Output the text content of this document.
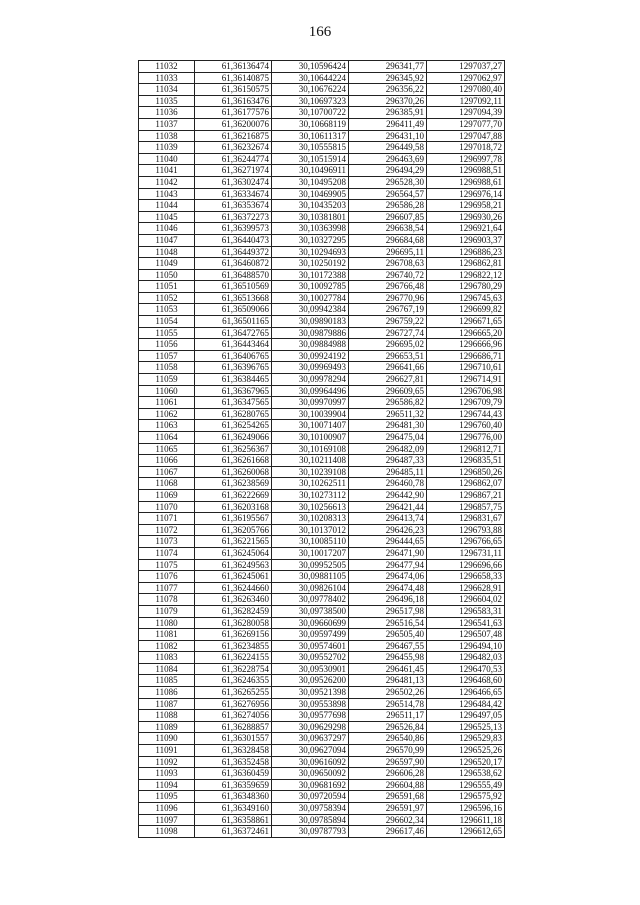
166
11032	61,36136474	30,10596424	296341,77	1297037,27
11033	61,36140875	30,10644224	296345,92	1297062,97
11034	61,36150575	30,10676224	296356,22	1297080,40
11035	61,36163476	30,10697323	296370,26	1297092,11
11036	61,36177576	30,10700722	296385,91	1297094,39
11037	61,36200076	30,10668119	296411,49	1297077,70
11038	61,36216875	30,10611317	296431,10	1297047,88
11039	61,36232674	30,10555815	296449,58	1297018,72
11040	61,36244774	30,10515914	296463,69	1296997,78
11041	61,36271974	30,10496911	296494,29	1296988,51
11042	61,36302474	30,10495208	296528,30	1296988,61
11043	61,36334674	30,10469905	296564,57	1296976,14
11044	61,36353674	30,10435203	296586,28	1296958,21
11045	61,36372273	30,10381801	296607,85	1296930,26
11046	61,36399573	30,10363998	296638,54	1296921,64
11047	61,36440473	30,10327295	296684,68	1296903,37
11048	61,36449372	30,10294693	296695,11	1296886,23
11049	61,36460872	30,10250192	296708,63	1296862,81
11050	61,36488570	30,10172388	296740,72	1296822,12
11051	61,36510569	30,10092785	296766,48	1296780,29
11052	61,36513668	30,10027784	296770,96	1296745,63
11053	61,36509066	30,09942384	296767,19	1296699,82
11054	61,36501165	30,09890183	296759,22	1296671,65
11055	61,36472765	30,09879886	296727,74	1296665,20
11056	61,36443464	30,09884988	296695,02	1296666,96
11057	61,36406765	30,09924192	296653,51	1296686,71
11058	61,36396765	30,09969493	296641,66	1296710,61
11059	61,36384465	30,09978294	296627,81	1296714,91
11060	61,36367965	30,09964496	296609,65	1296706,98
11061	61,36347565	30,09970997	296586,82	1296709,79
11062	61,36280765	30,10039904	296511,32	1296744,43
11063	61,36254265	30,10071407	296481,30	1296760,40
11064	61,36249066	30,10100907	296475,04	1296776,00
11065	61,36256367	30,10169108	296482,09	1296812,71
11066	61,36261668	30,10211408	296487,33	1296835,51
11067	61,36260068	30,10239108	296485,11	1296850,26
11068	61,36238569	30,10262511	296460,78	1296862,07
11069	61,36222669	30,10273112	296442,90	1296867,21
11070	61,36203168	30,10256613	296421,44	1296857,75
11071	61,36195567	30,10208313	296413,74	1296831,67
11072	61,36205766	30,10137012	296426,23	1296793,88
11073	61,36221565	30,10085110	296444,65	1296766,65
11074	61,36245064	30,10017207	296471,90	1296731,11
11075	61,36249563	30,09952505	296477,94	1296696,66
11076	61,36245061	30,09881105	296474,06	1296658,33
11077	61,36244660	30,09826104	296474,48	1296628,91
11078	61,36263460	30,09778402	296496,18	1296604,02
11079	61,36282459	30,09738500	296517,98	1296583,31
11080	61,36280058	30,09660699	296516,54	1296541,63
11081	61,36269156	30,09597499	296505,40	1296507,48
11082	61,36234855	30,09574601	296467,55	1296494,10
11083	61,36224155	30,09552702	296455,98	1296482,03
11084	61,36228754	30,09530901	296461,45	1296470,53
11085	61,36246355	30,09526200	296481,13	1296468,60
11086	61,36265255	30,09521398	296502,26	1296466,65
11087	61,36276956	30,09553898	296514,78	1296484,42
11088	61,36274056	30,09577698	296511,17	1296497,05
11089	61,36288857	30,09629298	296526,84	1296525,13
11090	61,36301557	30,09637297	296540,86	1296529,83
11091	61,36328458	30,09627094	296570,99	1296525,26
11092	61,36352458	30,09616092	296597,90	1296520,17
11093	61,36360459	30,09650092	296606,28	1296538,62
11094	61,36359659	30,09681692	296604,88	1296555,49
11095	61,36348360	30,09720594	296591,68	1296575,92
11096	61,36349160	30,09758394	296591,97	1296596,16
11097	61,36358861	30,09785894	296602,34	1296611,18
11098	61,36372461	30,09787793	296617,46	1296612,65
